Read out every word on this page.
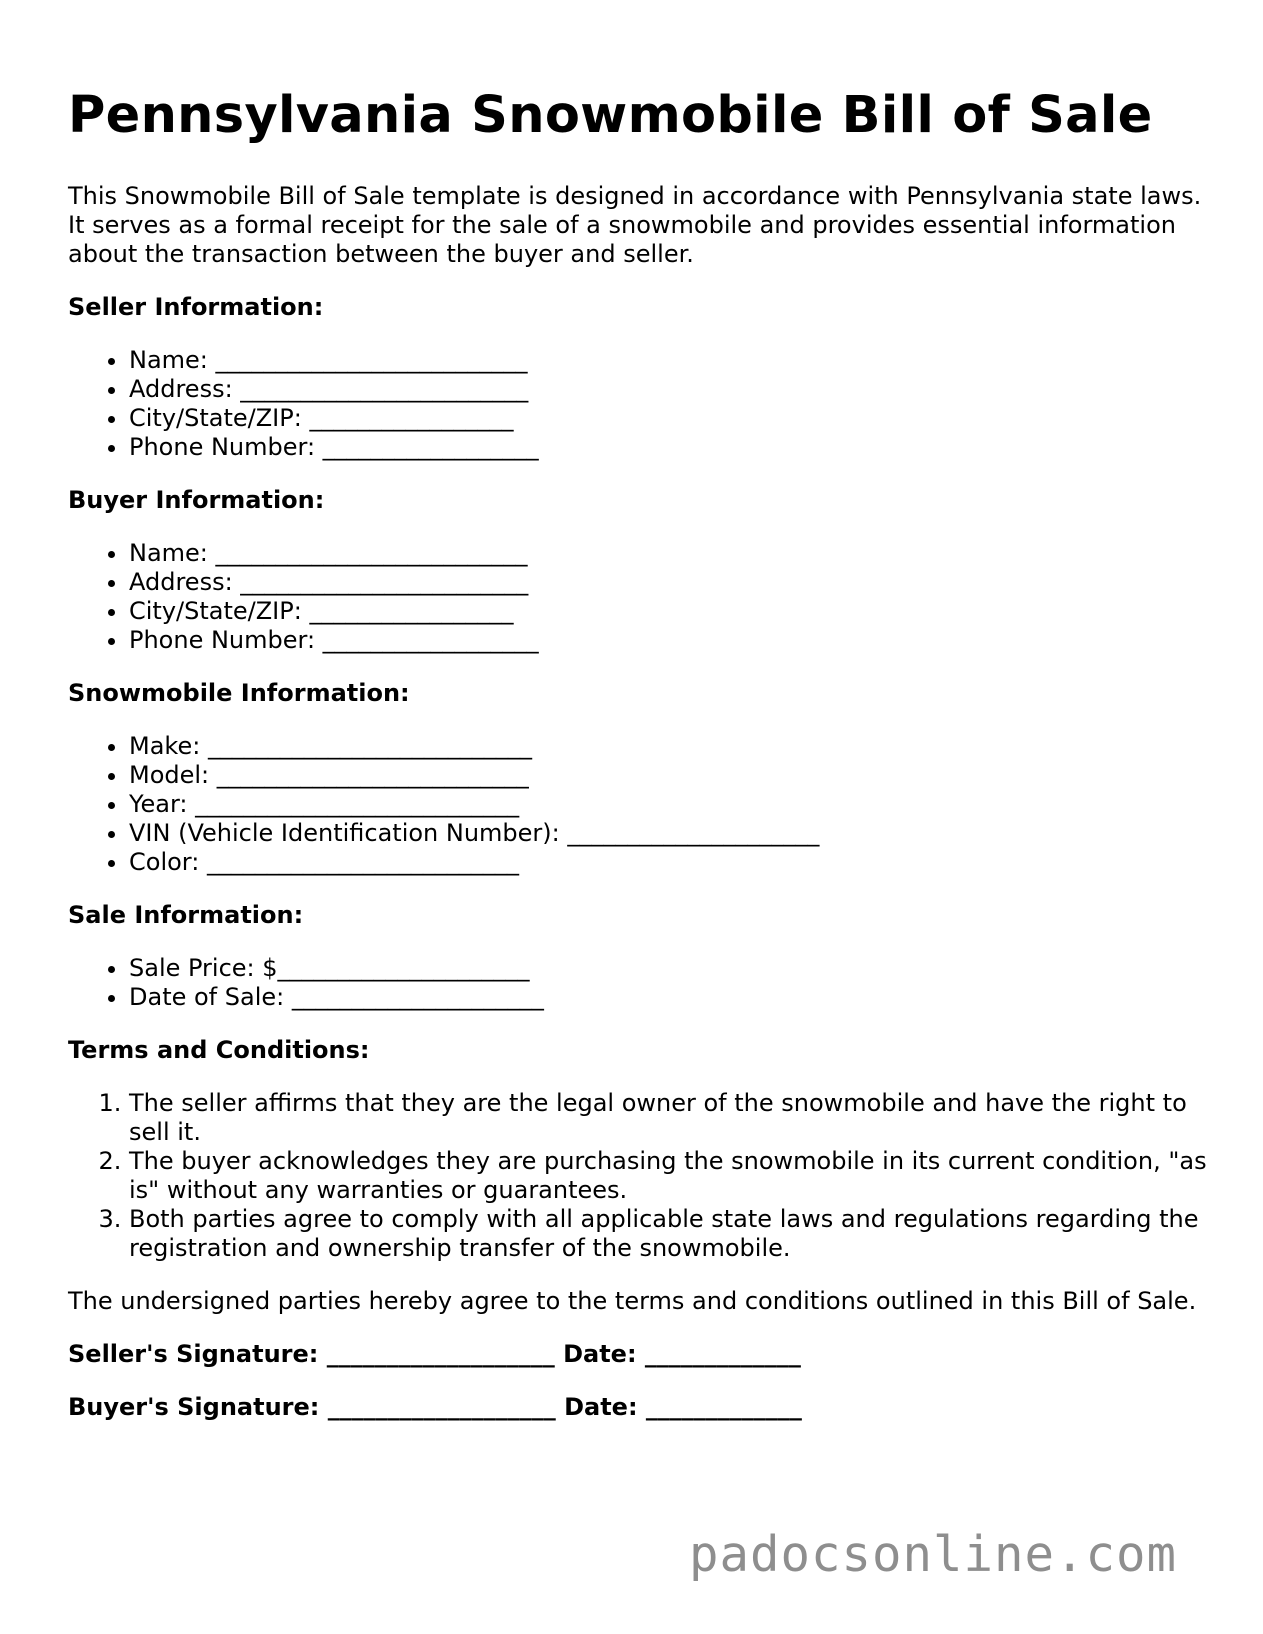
Pennsylvania Snowmobile Bill of Sale

This Snowmobile Bill of Sale template is designed in accordance with Pennsylvania state laws. It serves as a formal receipt for the sale of a snowmobile and provides essential information about the transaction between the buyer and seller.

Seller Information:
• Name: __________________________
• Address: ________________________
• City/State/ZIP: _________________
• Phone Number: __________________
Buyer Information:
• Name: __________________________
• Address: ________________________
• City/State/ZIP: _________________
• Phone Number: __________________
Snowmobile Information:
• Make: ___________________________
• Model: __________________________
• Year: ___________________________
• VIN (Vehicle Identification Number): _____________________
• Color: __________________________
Sale Information:
• Sale Price: $_____________________
• Date of Sale: _____________________
Terms and Conditions:
1. The seller affirms that they are the legal owner of the snowmobile and have the right to sell it.
2. The buyer acknowledges they are purchasing the snowmobile in its current condition, "as is" without any warranties or guarantees.
3. Both parties agree to comply with all applicable state laws and regulations regarding the registration and ownership transfer of the snowmobile.

The undersigned parties hereby agree to the terms and conditions outlined in this Bill of Sale.

Seller's Signature: ___________________ Date: _____________
Buyer's Signature: ___________________ Date: _____________
padocsonline.com
